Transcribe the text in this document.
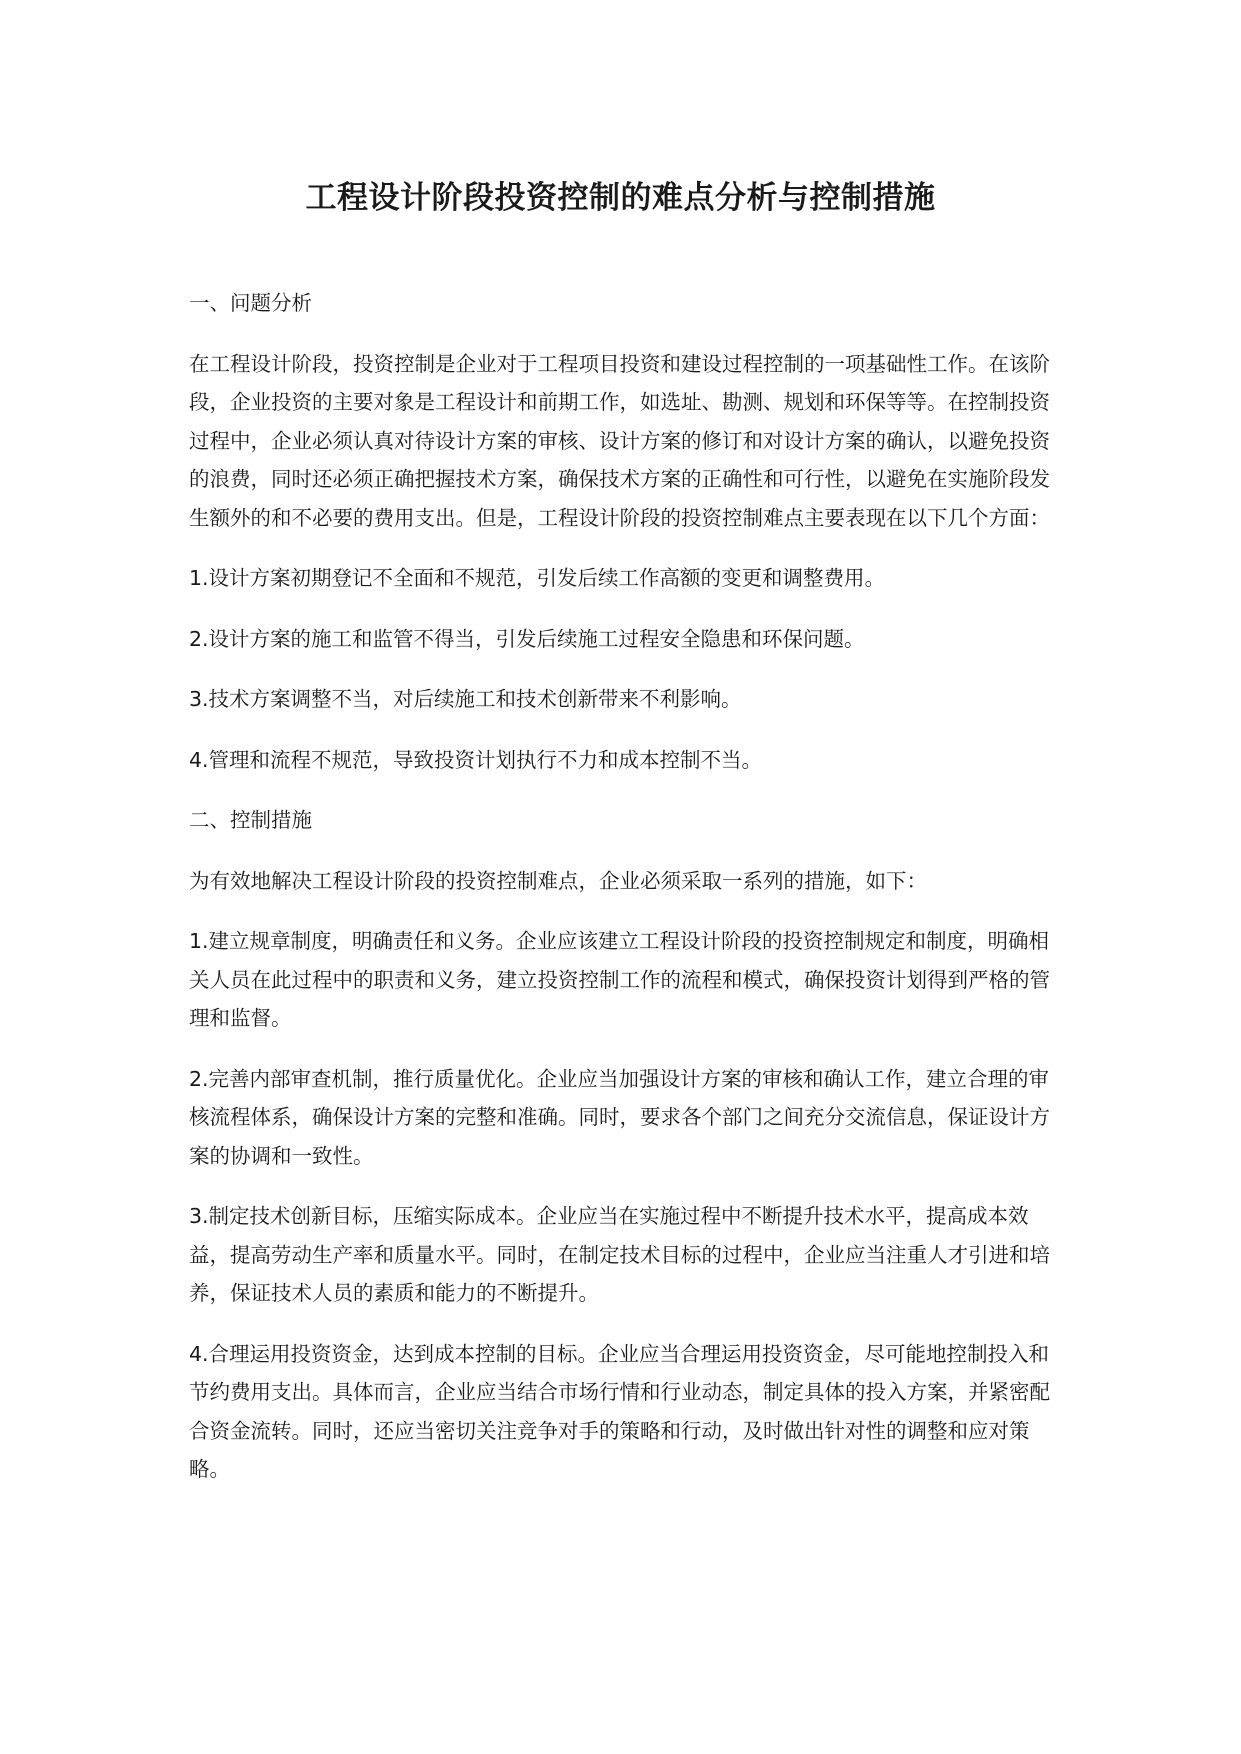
工程设计阶段投资控制的难点分析与控制措施

一、问题分析

在工程设计阶段，投资控制是企业对于工程项目投资和建设过程控制的一项基础性工作。在该阶段，企业投资的主要对象是工程设计和前期工作，如选址、勘测、规划和环保等等。在控制投资过程中，企业必须认真对待设计方案的审核、设计方案的修订和对设计方案的确认，以避免投资的浪费，同时还必须正确把握技术方案，确保技术方案的正确性和可行性，以避免在实施阶段发生额外的和不必要的费用支出。但是，工程设计阶段的投资控制难点主要表现在以下几个方面：

1.设计方案初期登记不全面和不规范，引发后续工作高额的变更和调整费用。

2.设计方案的施工和监管不得当，引发后续施工过程安全隐患和环保问题。

3.技术方案调整不当，对后续施工和技术创新带来不利影响。

4.管理和流程不规范，导致投资计划执行不力和成本控制不当。

二、控制措施

为有效地解决工程设计阶段的投资控制难点，企业必须采取一系列的措施，如下：

1.建立规章制度，明确责任和义务。企业应该建立工程设计阶段的投资控制规定和制度，明确相关人员在此过程中的职责和义务，建立投资控制工作的流程和模式，确保投资计划得到严格的管理和监督。

2.完善内部审查机制，推行质量优化。企业应当加强设计方案的审核和确认工作，建立合理的审核流程体系，确保设计方案的完整和准确。同时，要求各个部门之间充分交流信息，保证设计方案的协调和一致性。

3.制定技术创新目标，压缩实际成本。企业应当在实施过程中不断提升技术水平，提高成本效益，提高劳动生产率和质量水平。同时，在制定技术目标的过程中，企业应当注重人才引进和培养，保证技术人员的素质和能力的不断提升。

4.合理运用投资资金，达到成本控制的目标。企业应当合理运用投资资金，尽可能地控制投入和节约费用支出。具体而言，企业应当结合市场行情和行业动态，制定具体的投入方案，并紧密配合资金流转。同时，还应当密切关注竞争对手的策略和行动，及时做出针对性的调整和应对策略。
